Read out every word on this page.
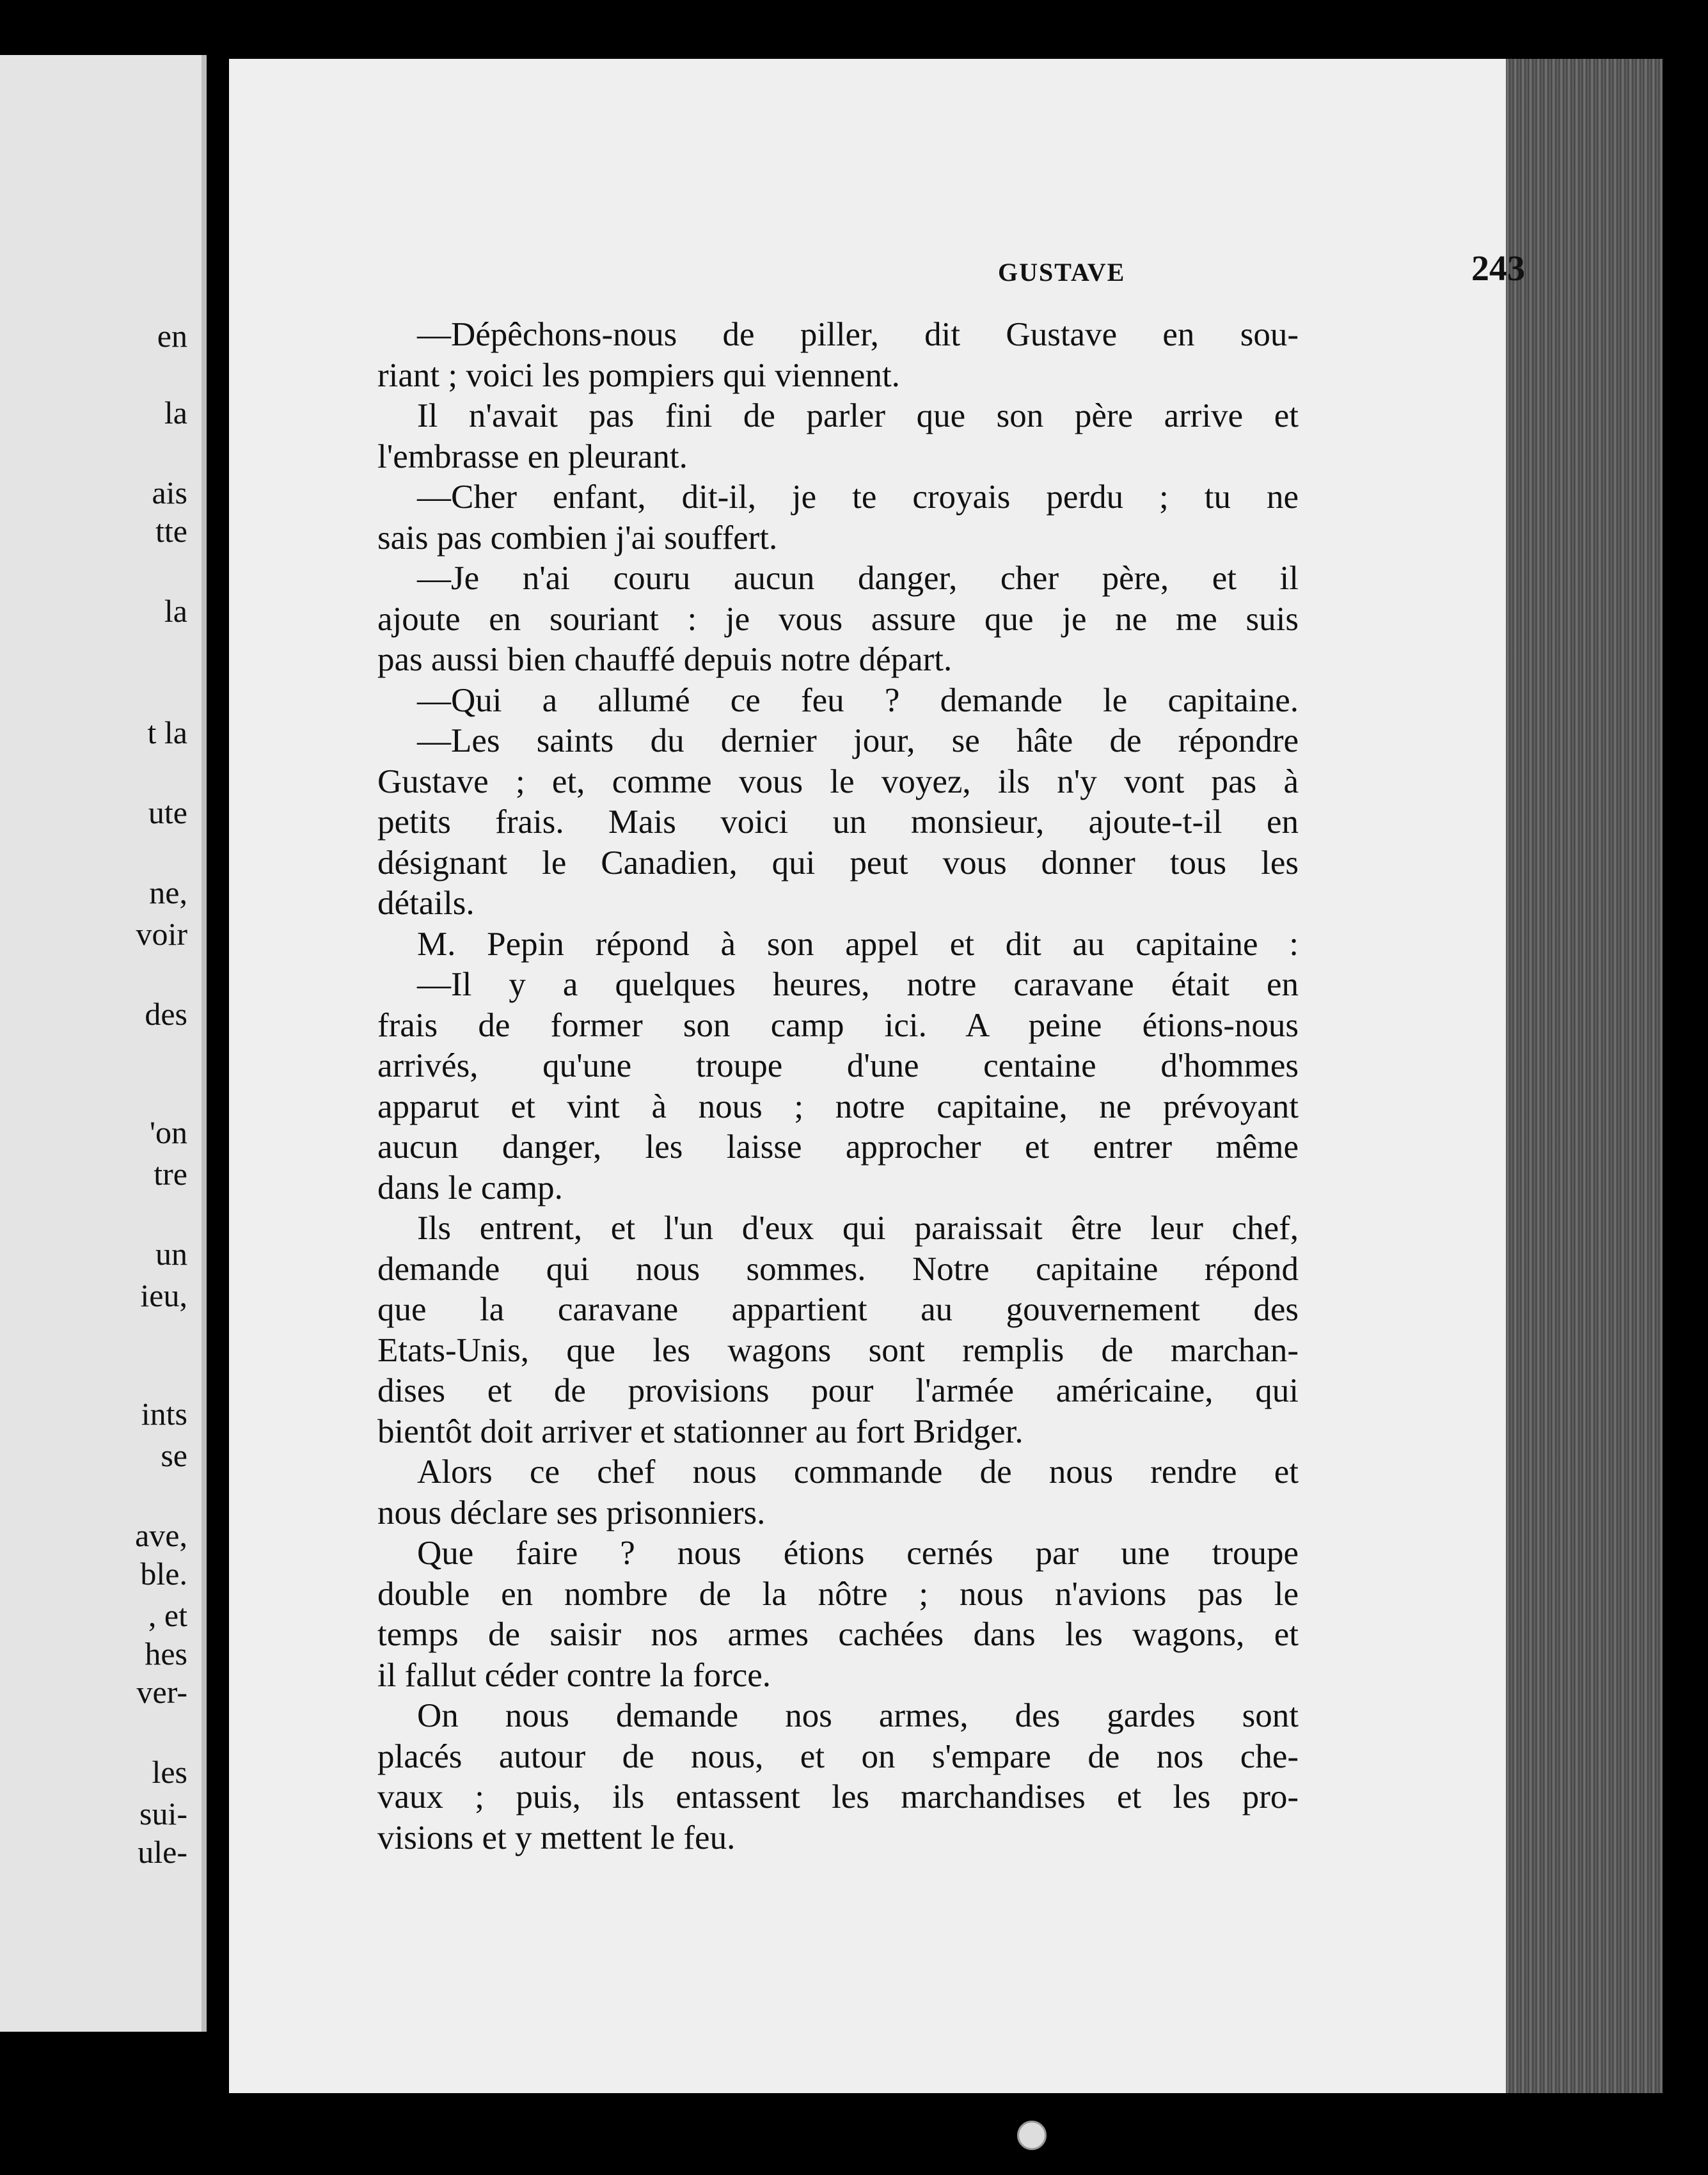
en
la
ais
tte
la
t la
ute
ne,
voir
des
'on
tre
un
ieu,
ints
se
ave,
ble.
, et
hes
ver-
les
sui-
ule-
GUSTAVE	243
—Dépêchons-nous de piller, dit Gustave en sou-
riant ; voici les pompiers qui viennent.
Il n'avait pas fini de parler que son père arrive et
l'embrasse en pleurant.
—Cher enfant, dit-il, je te croyais perdu ; tu ne
sais pas combien j'ai souffert.
—Je n'ai couru aucun danger, cher père, et il
ajoute en souriant : je vous assure que je ne me suis
pas aussi bien chauffé depuis notre départ.
—Qui a allumé ce feu ? demande le capitaine.
—Les saints du dernier jour, se hâte de répondre
Gustave ; et, comme vous le voyez, ils n'y vont pas à
petits frais. Mais voici un monsieur, ajoute-t-il en
désignant le Canadien, qui peut vous donner tous les
détails.
M. Pepin répond à son appel et dit au capitaine :
—Il y a quelques heures, notre caravane était en
frais de former son camp ici. A peine étions-nous
arrivés, qu'une troupe d'une centaine d'hommes
apparut et vint à nous ; notre capitaine, ne prévoyant
aucun danger, les laisse approcher et entrer même
dans le camp.
Ils entrent, et l'un d'eux qui paraissait être leur chef,
demande qui nous sommes. Notre capitaine répond
que la caravane appartient au gouvernement des
Etats-Unis, que les wagons sont remplis de marchan-
dises et de provisions pour l'armée américaine, qui
bientôt doit arriver et stationner au fort Bridger.
Alors ce chef nous commande de nous rendre et
nous déclare ses prisonniers.
Que faire ? nous étions cernés par une troupe
double en nombre de la nôtre ; nous n'avions pas le
temps de saisir nos armes cachées dans les wagons, et
il fallut céder contre la force.
On nous demande nos armes, des gardes sont
placés autour de nous, et on s'empare de nos che-
vaux ; puis, ils entassent les marchandises et les pro-
visions et y mettent le feu.
